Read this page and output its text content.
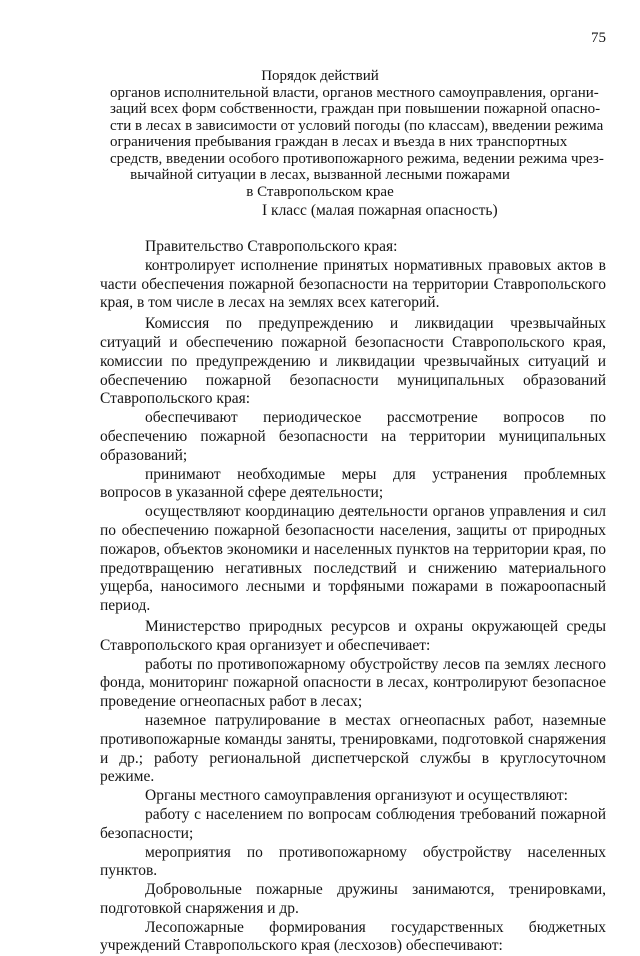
75
Порядок действий
органов исполнительной власти, органов местного самоуправления, органи-
заций всех форм собственности, граждан при повышении пожарной опасно-
сти в лесах в зависимости от условий погоды (по классам), введении режима
ограничения пребывания граждан в лесах и въезда в них транспортных
средств, введении особого противопожарного режима, ведении режима чрез-
вычайной ситуации в лесах, вызванной лесными пожарами
в Ставропольском крае
I класс (малая пожарная опасность)

Правительство Ставропольского края:

контролирует исполнение принятых нормативных правовых актов в части обеспечения пожарной безопасности на территории Ставропольского края, в том числе в лесах на землях всех категорий.

Комиссия по предупреждению и ликвидации чрезвычайных ситуаций и обеспечению пожарной безопасности Ставропольского края, комиссии по предупреждению и ликвидации чрезвычайных ситуаций и обеспечению пожарной безопасности муниципальных образований Ставропольского края:

обеспечивают периодическое рассмотрение вопросов по обеспечению пожарной безопасности на территории муниципальных образований;

принимают необходимые меры для устранения проблемных вопросов в указанной сфере деятельности;

осуществляют координацию деятельности органов управления и сил по обеспечению пожарной безопасности населения, защиты от природных пожаров, объектов экономики и населенных пунктов на территории края, по предотвращению негативных последствий и снижению материального ущерба, наносимого лесными и торфяными пожарами в пожароопасный период.

Министерство природных ресурсов и охраны окружающей среды Ставропольского края организует и обеспечивает:

работы по противопожарному обустройству лесов па землях лесного фонда, мониторинг пожарной опасности в лесах, контролируют безопасное проведение огнеопасных работ в лесах;

наземное патрулирование в местах огнеопасных работ, наземные противопожарные команды заняты, тренировками, подготовкой снаряжения и др.; работу региональной диспетчерской службы в круглосуточном режиме.

Органы местного самоуправления организуют и осуществляют:

работу с населением по вопросам соблюдения требований пожарной безопасности;

мероприятия по противопожарному обустройству населенных пунктов.

Добровольные пожарные дружины занимаются, тренировками, подготовкой снаряжения и др.

Лесопожарные формирования государственных бюджетных учреждений Ставропольского края (лесхозов) обеспечивают:
